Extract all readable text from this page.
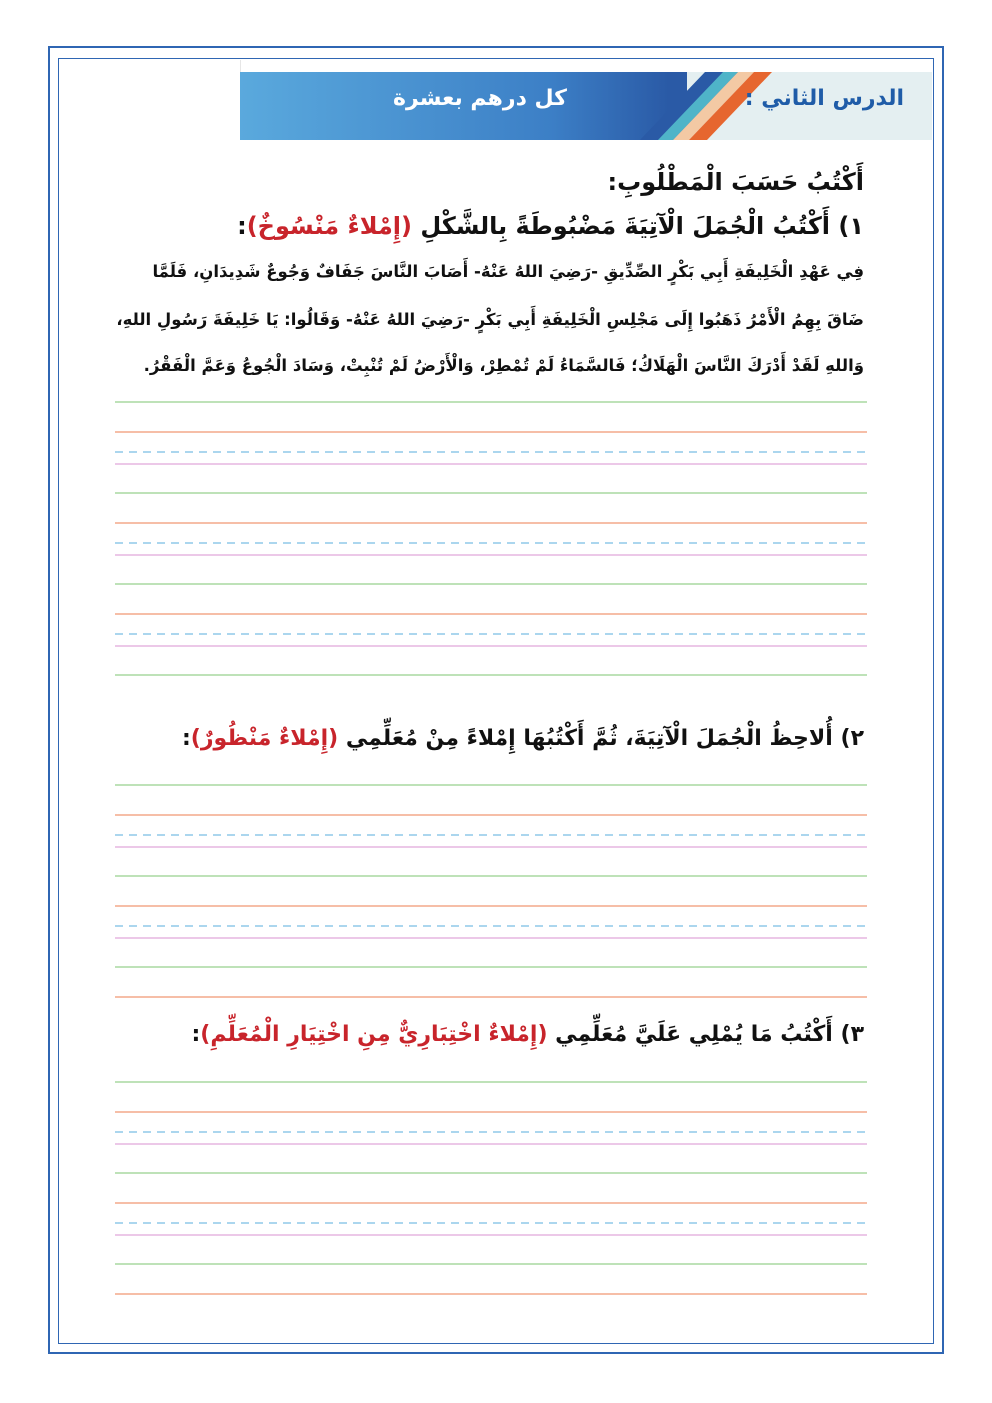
الدرس الثاني :
كل درهم بعشرة
أَكْتُبُ حَسَبَ الْمَطْلُوبِ:
١) أَكْتُبُ الْجُمَلَ الْآتِيَةَ مَضْبُوطَةً بِالشَّكْلِ (إِمْلاءٌ مَنْسُوخٌ):
فِي عَهْدِ الْخَلِيفَةِ أَبِي بَكْرٍ الصِّدِّيقِ -رَضِيَ اللهُ عَنْهُ- أَصَابَ النَّاسَ جَفَافٌ وَجُوعٌ شَدِيدَانِ، فَلَمَّا
ضَاقَ بِهِمُ الْأَمْرُ ذَهَبُوا إِلَى مَجْلِسِ الْخَلِيفَةِ أَبِي بَكْرٍ -رَضِيَ اللهُ عَنْهُ- وَقَالُوا: يَا خَلِيفَةَ رَسُولِ اللهِ،
وَاللهِ لَقَدْ أَدْرَكَ النَّاسَ الْهَلَاكُ؛ فَالسَّمَاءُ لَمْ تُمْطِرْ، وَالْأَرْضُ لَمْ تُنْبِتْ، وَسَادَ الْجُوعُ وَعَمَّ الْفَقْرُ.
٢) أُلاحِظُ الْجُمَلَ الْآتِيَةَ، ثُمَّ أَكْتُبُهَا إِمْلاءً مِنْ مُعَلِّمِي (إِمْلاءٌ مَنْظُورٌ):
٣) أَكْتُبُ مَا يُمْلِي عَلَيَّ مُعَلِّمِي (إِمْلاءٌ اخْتِبَارِيٌّ مِنِ اخْتِيَارِ الْمُعَلِّمِ):
